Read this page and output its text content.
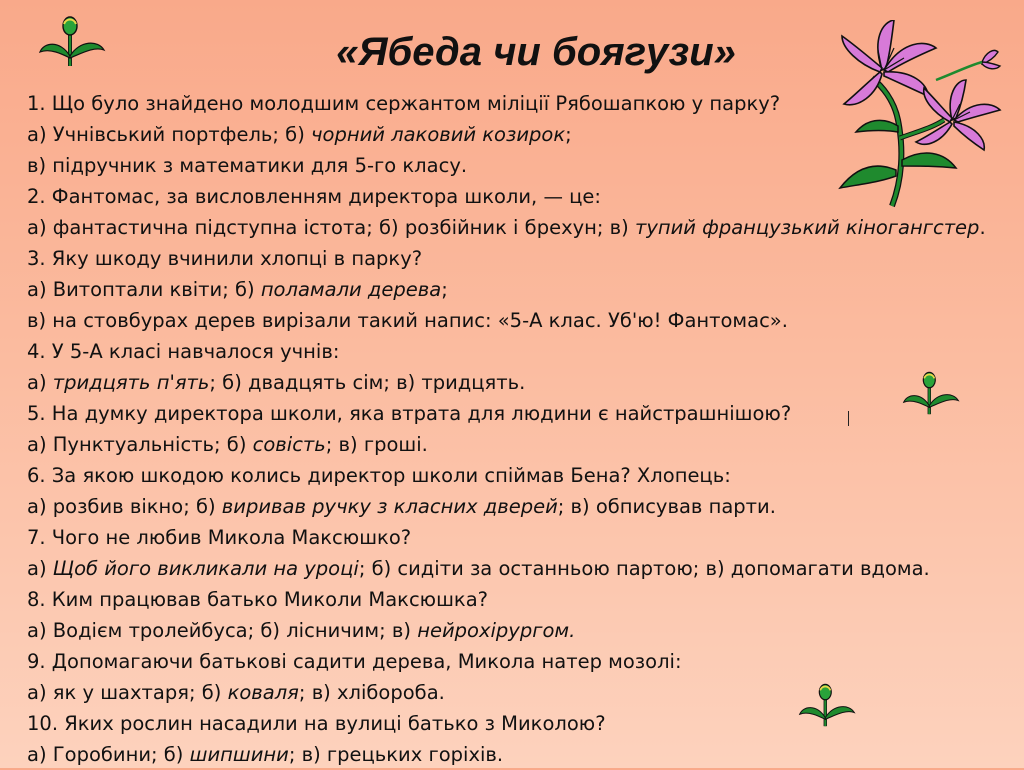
«Ябеда чи боягузи»
1. Що було знайдено молодшим сержантом міліції Рябошапкою у парку?
а) Учнівський портфель; б) чорний лаковий козирок;
в) підручник з математики для 5-го класу.
2. Фантомас, за висловленням директора школи, — це:
а) фантастична підступна істота; б) розбійник і брехун; в) тупий французький кіногангстер.
3. Яку шкоду вчинили хлопці в парку?
а) Витоптали квіти; б) поламали дерева;
в) на стовбурах дерев вирізали такий напис: «5-А клас. Уб'ю! Фантомас».
4. У 5-А класі навчалося учнів:
а) тридцять п'ять; б) двадцять сім; в) тридцять.
5. На думку директора школи, яка втрата для людини є найстрашнішою?
а) Пунктуальність; б) совість; в) гроші.
6. За якою шкодою колись директор школи спіймав Бена? Хлопець:
а) розбив вікно; б) виривав ручку з класних дверей; в) обписував парти.
7. Чого не любив Микола Максюшко?
а) Щоб його викликали на уроці; б) сидіти за останньою партою; в) допомагати вдома.
8. Ким працював батько Миколи Максюшка?
а) Водієм тролейбуса; б) лісничим; в) нейрохірургом.
9. Допомагаючи батькові садити дерева, Микола натер мозолі:
а) як у шахтаря; б) коваля; в) хлібороба.
10. Яких рослин насадили на вулиці батько з Миколою?
а) Горобини; б) шипшини; в) грецьких горіхів.
